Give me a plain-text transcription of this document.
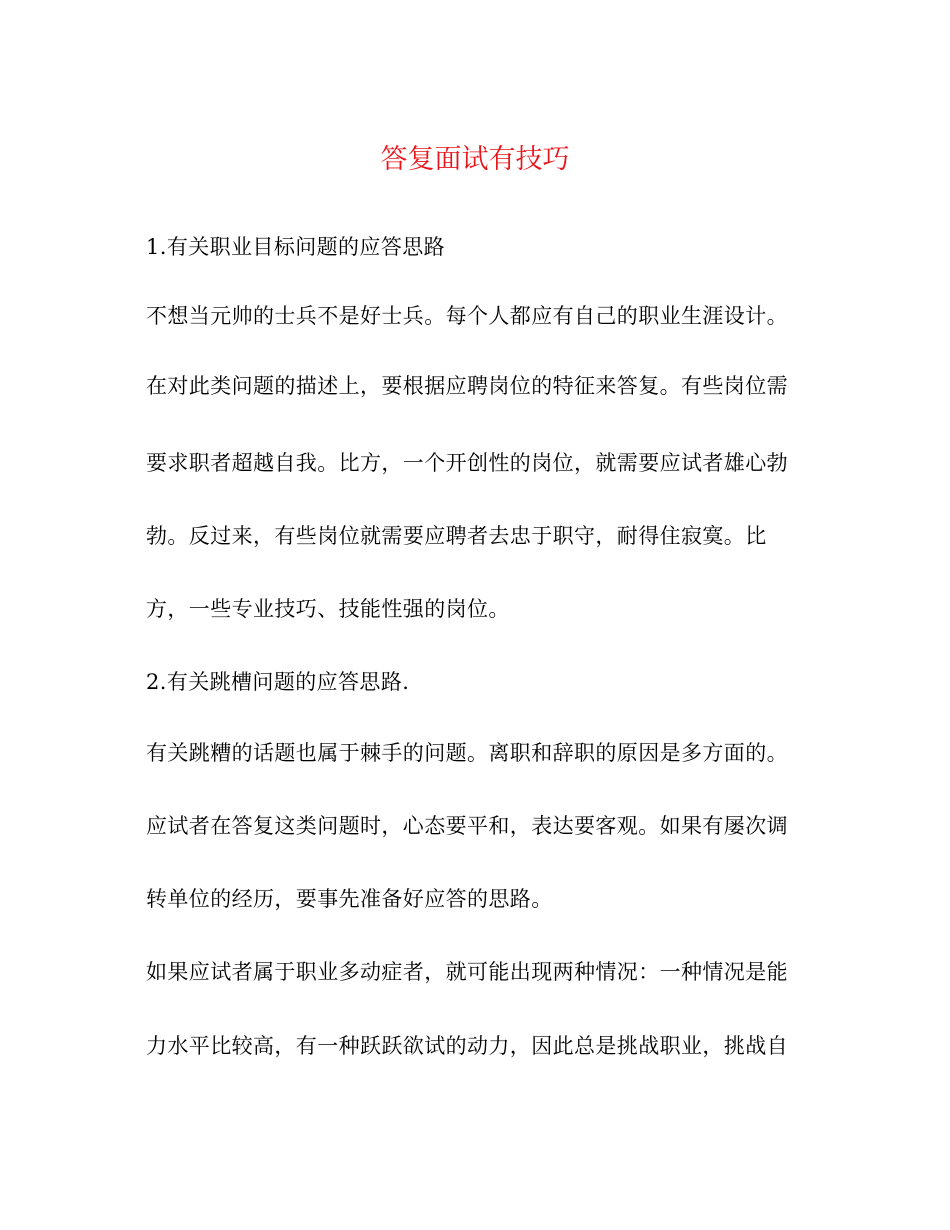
答复面试有技巧
1.有关职业目标问题的应答思路
不想当元帅的士兵不是好士兵。每个人都应有自己的职业生涯设计。
在对此类问题的描述上，要根据应聘岗位的特征来答复。有些岗位需
要求职者超越自我。比方，一个开创性的岗位，就需要应试者雄心勃
勃。反过来，有些岗位就需要应聘者去忠于职守，耐得住寂寞。比
方，一些专业技巧、技能性强的岗位。
2.有关跳槽问题的应答思路.
有关跳糟的话题也属于棘手的问题。离职和辞职的原因是多方面的。
应试者在答复这类问题时，心态要平和，表达要客观。如果有屡次调
转单位的经历，要事先准备好应答的思路。
如果应试者属于职业多动症者，就可能出现两种情况：一种情况是能
力水平比较高，有一种跃跃欲试的动力，因此总是挑战职业，挑战自
